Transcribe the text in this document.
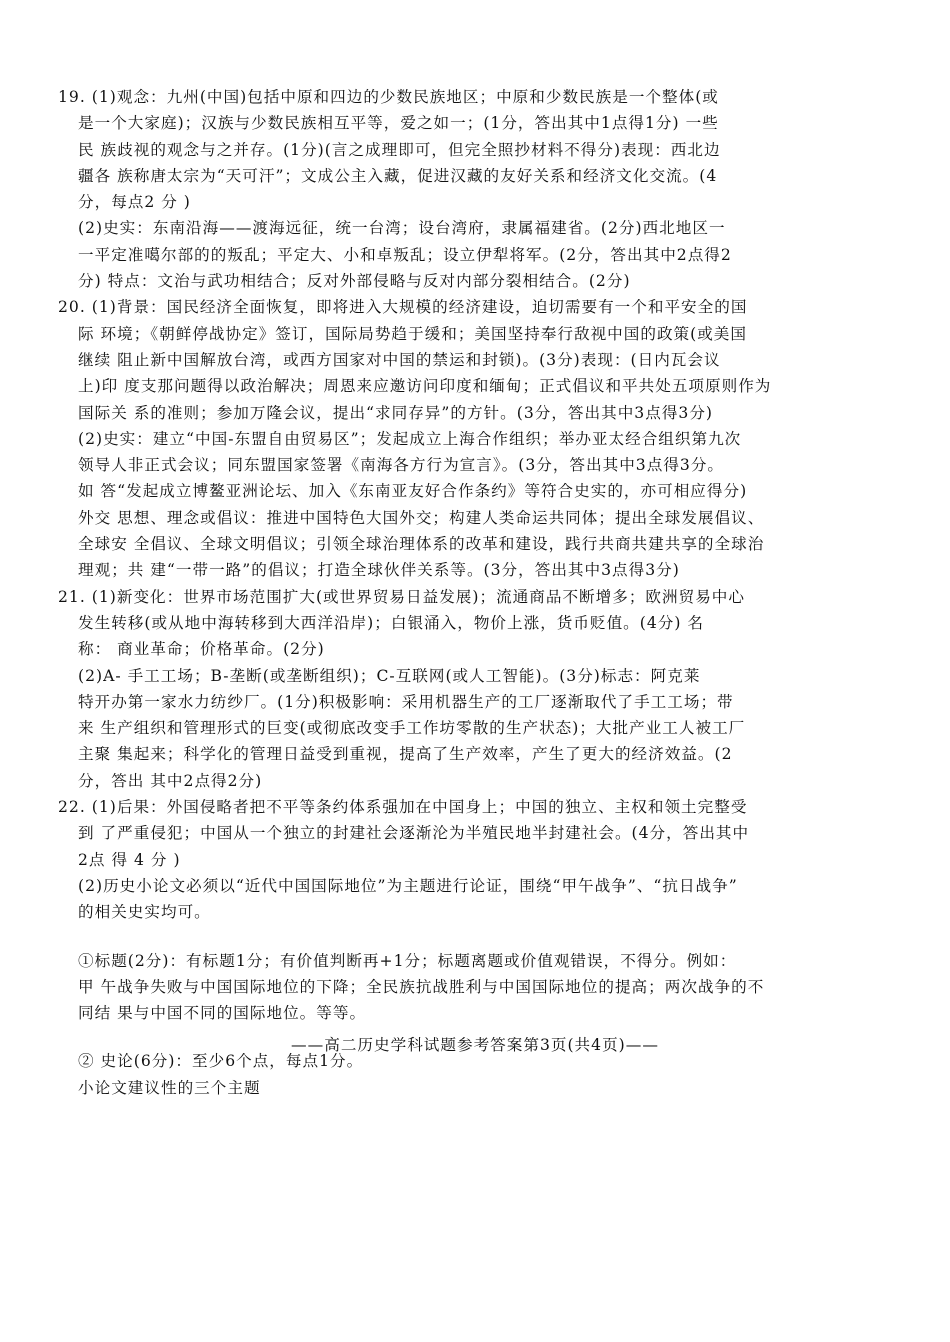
19. (1)观念：九州(中国)包括中原和四边的少数民族地区；中原和少数民族是一个整体(或
是一个大家庭)；汉族与少数民族相互平等，爱之如一；(1分，答出其中1点得1分) 一些
民 族歧视的观念与之并存。(1分)(言之成理即可，但完全照抄材料不得分)表现：西北边
疆各 族称唐太宗为“天可汗”；文成公主入藏，促进汉藏的友好关系和经济文化交流。(4
分，每点2 分 )
(2)史实：东南沿海——渡海远征，统一台湾；设台湾府，隶属福建省。(2分)西北地区一
一平定准噶尔部的的叛乱；平定大、小和卓叛乱；设立伊犁将军。(2分，答出其中2点得2
分) 特点：文治与武功相结合；反对外部侵略与反对内部分裂相结合。(2分)
20. (1)背景：国民经济全面恢复，即将进入大规模的经济建设，迫切需要有一个和平安全的国
际 环境；《朝鲜停战协定》签订，国际局势趋于缓和；美国坚持奉行敌视中国的政策(或美国
继续 阻止新中国解放台湾，或西方国家对中国的禁运和封锁)。(3分)表现：(日内瓦会议
上)印 度支那问题得以政治解决；周恩来应邀访问印度和缅甸；正式倡议和平共处五项原则作为
国际关 系的准则；参加万隆会议，提出“求同存异”的方针。(3分，答出其中3点得3分)
(2)史实：建立“中国-东盟自由贸易区”；发起成立上海合作组织；举办亚太经合组织第九次
领导人非正式会议；同东盟国家签署《南海各方行为宣言》。(3分，答出其中3点得3分。
如 答“发起成立博鳌亚洲论坛、加入《东南亚友好合作条约》等符合史实的，亦可相应得分)
外交 思想、理念或倡议：推进中国特色大国外交；构建人类命运共同体；提出全球发展倡议、
全球安 全倡议、全球文明倡议；引领全球治理体系的改革和建设，践行共商共建共享的全球治
理观；共 建“一带一路”的倡议；打造全球伙伴关系等。(3分，答出其中3点得3分)
21. (1)新变化：世界市场范围扩大(或世界贸易日益发展)；流通商品不断增多；欧洲贸易中心
发生转移(或从地中海转移到大西洋沿岸)；白银涌入，物价上涨，货币贬值。(4分) 名
称： 商业革命；价格革命。(2分)
(2)A- 手工工场；B-垄断(或垄断组织)；C-互联网(或人工智能)。(3分)标志：阿克莱
特开办第一家水力纺纱厂。(1分)积极影响：采用机器生产的工厂逐渐取代了手工工场；带
来 生产组织和管理形式的巨变(或彻底改变手工作坊零散的生产状态)；大批产业工人被工厂
主聚 集起来；科学化的管理日益受到重视，提高了生产效率，产生了更大的经济效益。(2
分，答出 其中2点得2分)
22. (1)后果：外国侵略者把不平等条约体系强加在中国身上；中国的独立、主权和领土完整受
到 了严重侵犯；中国从一个独立的封建社会逐渐沦为半殖民地半封建社会。(4分，答出其中
2点 得 4 分 )
(2)历史小论文必须以“近代中国国际地位”为主题进行论证，围绕“甲午战争”、“抗日战争”
的相关史实均可。
①标题(2分)：有标题1分；有价值判断再+1分；标题离题或价值观错误，不得分。例如：
甲 午战争失败与中国国际地位的下降；全民族抗战胜利与中国国际地位的提高；两次战争的不
同结 果与中国不同的国际地位。等等。
② 史论(6分)：至少6个点，每点1分。
小论文建议性的三个主题
——高二历史学科试题参考答案第3页(共4页)——
